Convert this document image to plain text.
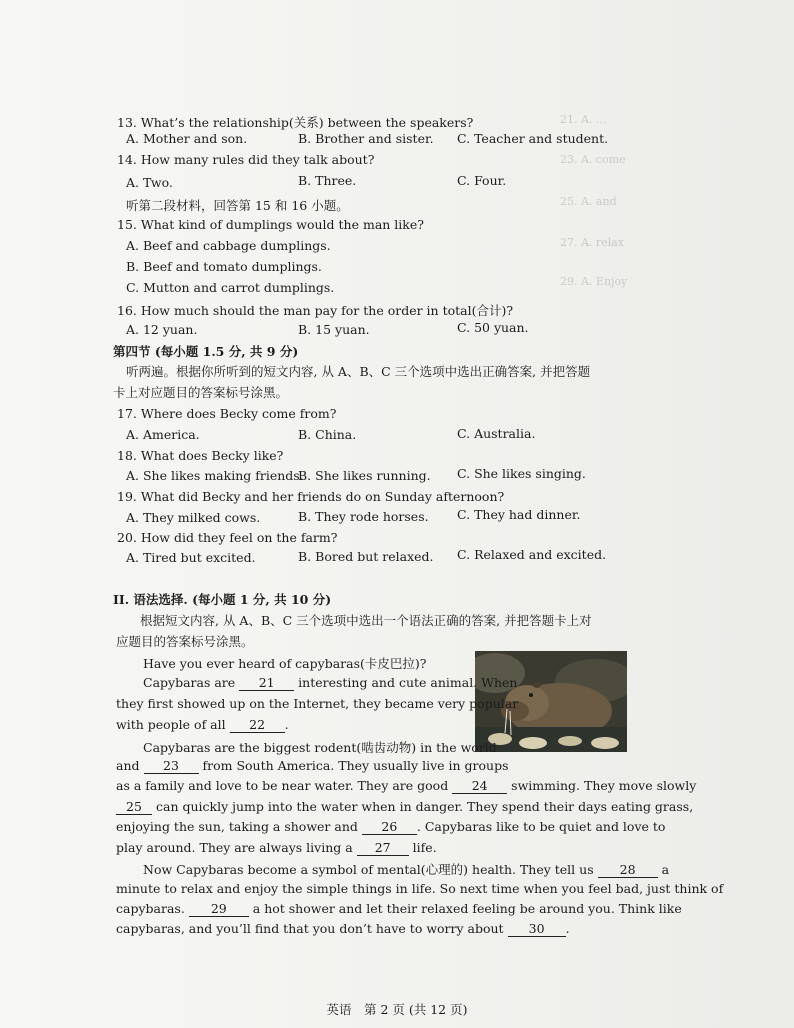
21. A. ...
23. A. come
25. A. and
27. A. relax
29. A. Enjoy
13. What’s the relationship(关系) between the speakers?
A. Mother and son.	B. Brother and sister. C. Teacher and student.
14. How many rules did they talk about?
A. Two.	B. Three.	C. Four.
听第二段材料，回答第 15 和 16 小题。
15. What kind of dumplings would the man like?
A. Beef and cabbage dumplings.
B. Beef and tomato dumplings.
C. Mutton and carrot dumplings.
16. How much should the man pay for the order in total(合计)?
A. 12 yuan.	B. 15 yuan.	C. 50 yuan.
第四节 (每小题 1.5 分, 共 9 分)
听两遍。根据你所听到的短文内容, 从 A、B、C 三个选项中选出正确答案, 并把答题
卡上对应题目的答案标号涂黑。
17. Where does Becky come from?
A. America.	B. China.	C. Australia.
18. What does Becky like?
A. She likes making friends.
B. She likes running. C. She likes singing.
19. What did Becky and her friends do on Sunday afternoon?
A. They milked cows.	B. They rode horses. C. They had dinner.
20. How did they feel on the farm?
A. Tired but excited.	B. Bored but relaxed. C. Relaxed and excited.
II. 语法选择. (每小题 1 分, 共 10 分)
根据短文内容, 从 A、B、C 三个选项中选出一个语法正确的答案, 并把答题卡上对
应题目的答案标号涂黑。
Have you ever heard of capybaras(卡皮巴拉)?
Capybaras are 21 interesting and cute animal. When
they first showed up on the Internet, they became very popular
with people of all 22 .
Capybaras are the biggest rodent(啮齿动物) in the world
and 23 from South America. They usually live in groups
as a family and love to be near water. They are good 24 swimming. They move slowly
25 can quickly jump into the water when in danger. They spend their days eating grass,
enjoying the sun, taking a shower and 26 . Capybaras like to be quiet and love to
play around. They are always living a 27 life.
Now Capybaras become a symbol of mental(心理的) health. They tell us 28 a
minute to relax and enjoy the simple things in life. So next time when you feel bad, just think of
capybaras. 29 a hot shower and let their relaxed feeling be around you. Think like
capybaras, and you’ll find that you don’t have to worry about 30 .
英语　第 2 页 (共 12 页)
